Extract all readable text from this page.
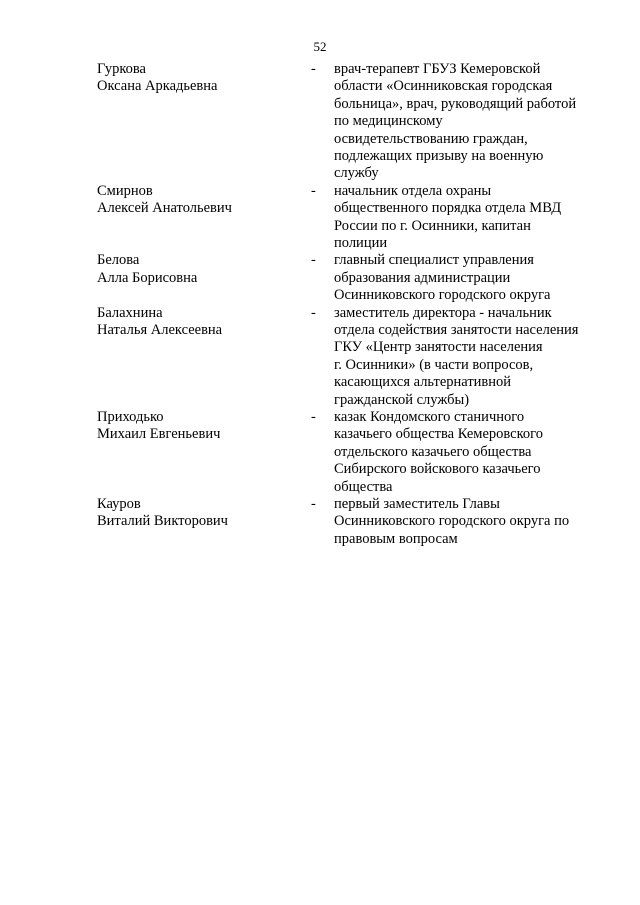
52
Гуркова
Оксана Аркадьевна
- врач-терапевт ГБУЗ Кемеровской
области «Осинниковская городская
больница», врач, руководящий работой
по медицинскому
освидетельствованию граждан,
подлежащих призыву на военную
службу
Смирнов
Алексей Анатольевич
- начальник отдела охраны
общественного порядка отдела МВД
России по г. Осинники, капитан
полиции
Белова
Алла Борисовна
- главный специалист управления
образования администрации
Осинниковского городского округа
Балахнина
Наталья Алексеевна
- заместитель директора - начальник
отдела содействия занятости населения
ГКУ «Центр занятости населения
г. Осинники» (в части вопросов,
касающихся альтернативной
гражданской службы)
Приходько
Михаил Евгеньевич
- казак Кондомского станичного
казачьего общества Кемеровского
отдельского казачьего общества
Сибирского войскового казачьего
общества
Кауров
Виталий Викторович
- первый заместитель Главы
Осинниковского городского округа по
правовым вопросам
